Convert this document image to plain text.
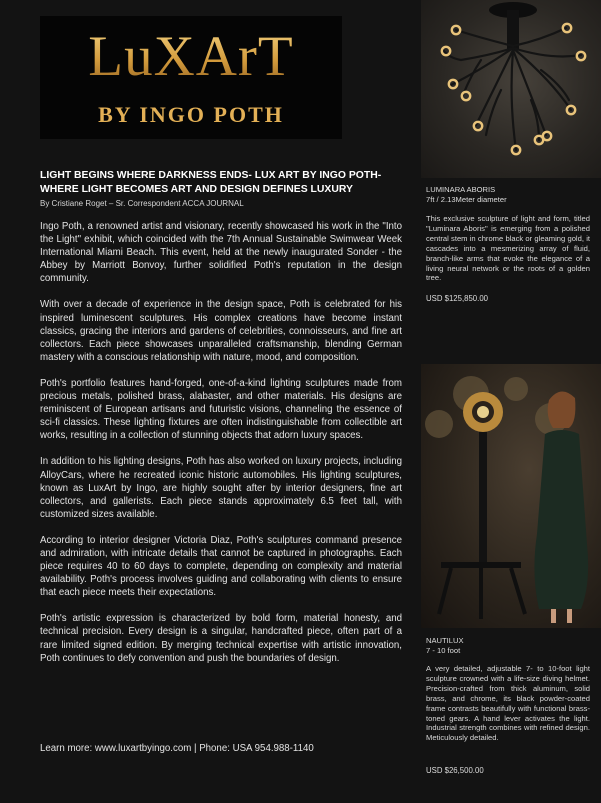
LuXArT
BY INGO POTH
LIGHT BEGINS WHERE DARKNESS ENDS- LUX ART BY INGO POTH- WHERE LIGHT BECOMES ART AND DESIGN DEFINES LUXURY
By Cristiane Roget – Sr. Correspondent ACCA JOURNAL

Ingo Poth, a renowned artist and visionary, recently showcased his work in the "Into the Light" exhibit, which coincided with the 7th Annual Sustainable Swimwear Week International Miami Beach. This event, held at the newly inaugurated Sonder - the Abbey by Marriott Bonvoy, further solidified Poth's reputation in the design community.

With over a decade of experience in the design space, Poth is celebrated for his inspired luminescent sculptures. His complex creations have become instant classics, gracing the interiors and gardens of celebrities, connoisseurs, and fine art collectors. Each piece showcases unparalleled craftsmanship, blending German mastery with a conscious relationship with nature, mood, and composition.

Poth's portfolio features hand-forged, one-of-a-kind lighting sculptures made from precious metals, polished brass, alabaster, and other materials. His designs are reminiscent of European artisans and futuristic visions, channeling the essence of sci-fi classics. These lighting fixtures are often indistinguishable from collectible art works, resulting in a collection of stunning objects that adorn luxury spaces.

In addition to his lighting designs, Poth has also worked on luxury projects, including AlloyCars, where he recreated iconic historic automobiles. His lighting sculptures, known as LuxArt by Ingo, are highly sought after by interior designers, fine art collectors, and gallerists. Each piece stands approximately 6.5 feet tall, with customized sizes available.

According to interior designer Victoria Diaz, Poth's sculptures command presence and admiration, with intricate details that cannot be captured in photographs. Each piece requires 40 to 60 days to complete, depending on complexity and material availability. Poth's process involves guiding and collaborating with clients to ensure that each piece meets their expectations.

Poth's artistic expression is characterized by bold form, material honesty, and technical precision. Every design is a singular, handcrafted piece, often part of a rare limited signed edition. By merging technical expertise with artistic innovation, Poth continues to defy convention and push the boundaries of design.

Learn more: www.luxartbyingo.com | Phone: USA 954.988-1140
LUMINARA ABORIS
7ft / 2.13Meter diameter
This exclusive sculpture of light and form, titled "Luminara Aboris" is emerging from a polished central stem in chrome black or gleaming gold, it cascades into a mesmerizing array of fluid, branch-like arms that evoke the elegance of a living neural network or the roots of a golden tree.
USD $125,850.00
NAUTILUX
7 - 10 foot
A very detailed, adjustable 7- to 10-foot light sculpture crowned with a life-size diving helmet. Precision-crafted from thick aluminum, solid brass, and chrome, its black powder-coated frame contrasts beautifully with functional brass-toned gears. A hand lever activates the light. Industrial strength combines with refined design. Meticulously detailed.
USD $26,500.00
